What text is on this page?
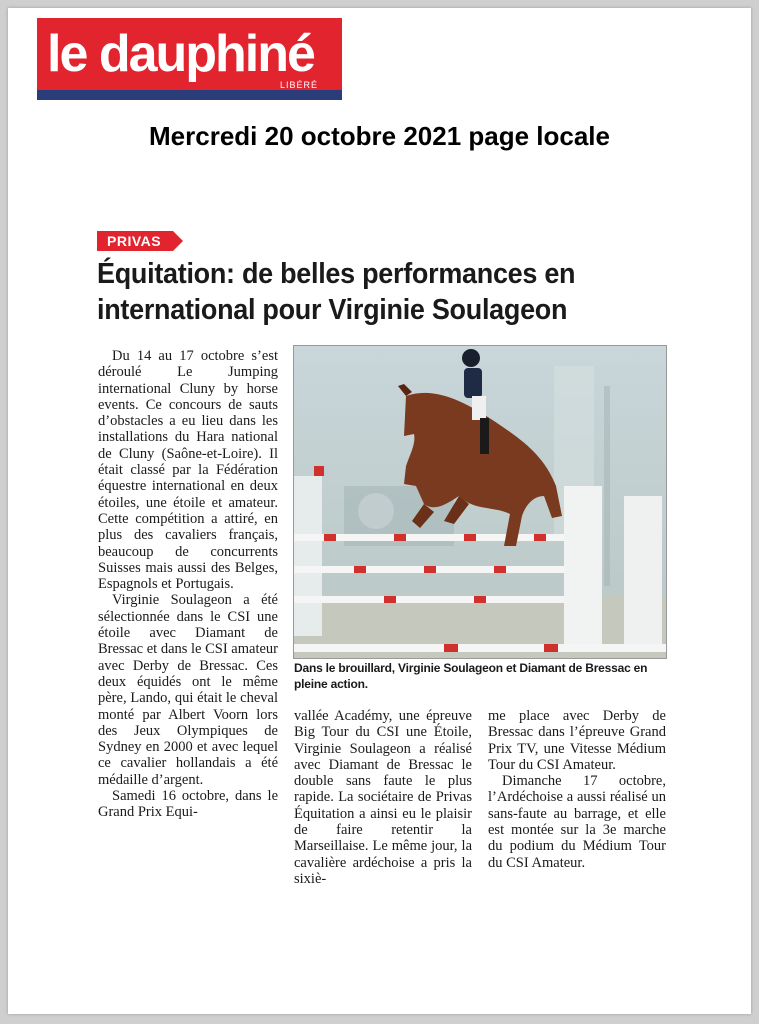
le dauphiné
LIBÉRÉ
Mercredi 20 octobre 2021 page locale
PRIVAS
Équitation: de belles performances en international pour Virginie Soulageon

Du 14 au 17 octobre s’est déroulé Le Jumping international Cluny by horse events. Ce concours de sauts d’obstacles a eu lieu dans les installations du Hara national de Cluny (Saône-et-Loire). Il était classé par la Fédération équestre international en deux étoiles, une étoile et amateur. Cette compétition a attiré, en plus des cavaliers français, beaucoup de concurrents Suisses mais aussi des Belges, Espagnols et Portugais.

Virginie Soulageon a été sélectionnée dans le CSI une étoile avec Diamant de Bressac et dans le CSI amateur avec Derby de Bressac. Ces deux équidés ont le même père, Lando, qui était le cheval monté par Albert Voorn lors des Jeux Olympiques de Sydney en 2000 et avec lequel ce cavalier hollandais a été médaille d’argent.

Samedi 16 octobre, dans le Grand Prix Equi-

Dans le brouillard, Virginie Soulageon et Diamant de Bressac en pleine action.

vallée Académy, une épreuve Big Tour du CSI une Étoile, Virginie Soulageon a réalisé avec Diamant de Bressac le double sans faute le plus rapide. La sociétaire de Privas Équitation a ainsi eu le plaisir de faire retentir la Marseillaise. Le même jour, la cavalière ardéchoise a pris la sixiè-

me place avec Derby de Bressac dans l’épreuve Grand Prix TV, une Vitesse Médium Tour du CSI Amateur.

Dimanche 17 octobre, l’Ardéchoise a aussi réalisé un sans-faute au barrage, et elle est montée sur la 3e marche du podium du Médium Tour du CSI Amateur.
